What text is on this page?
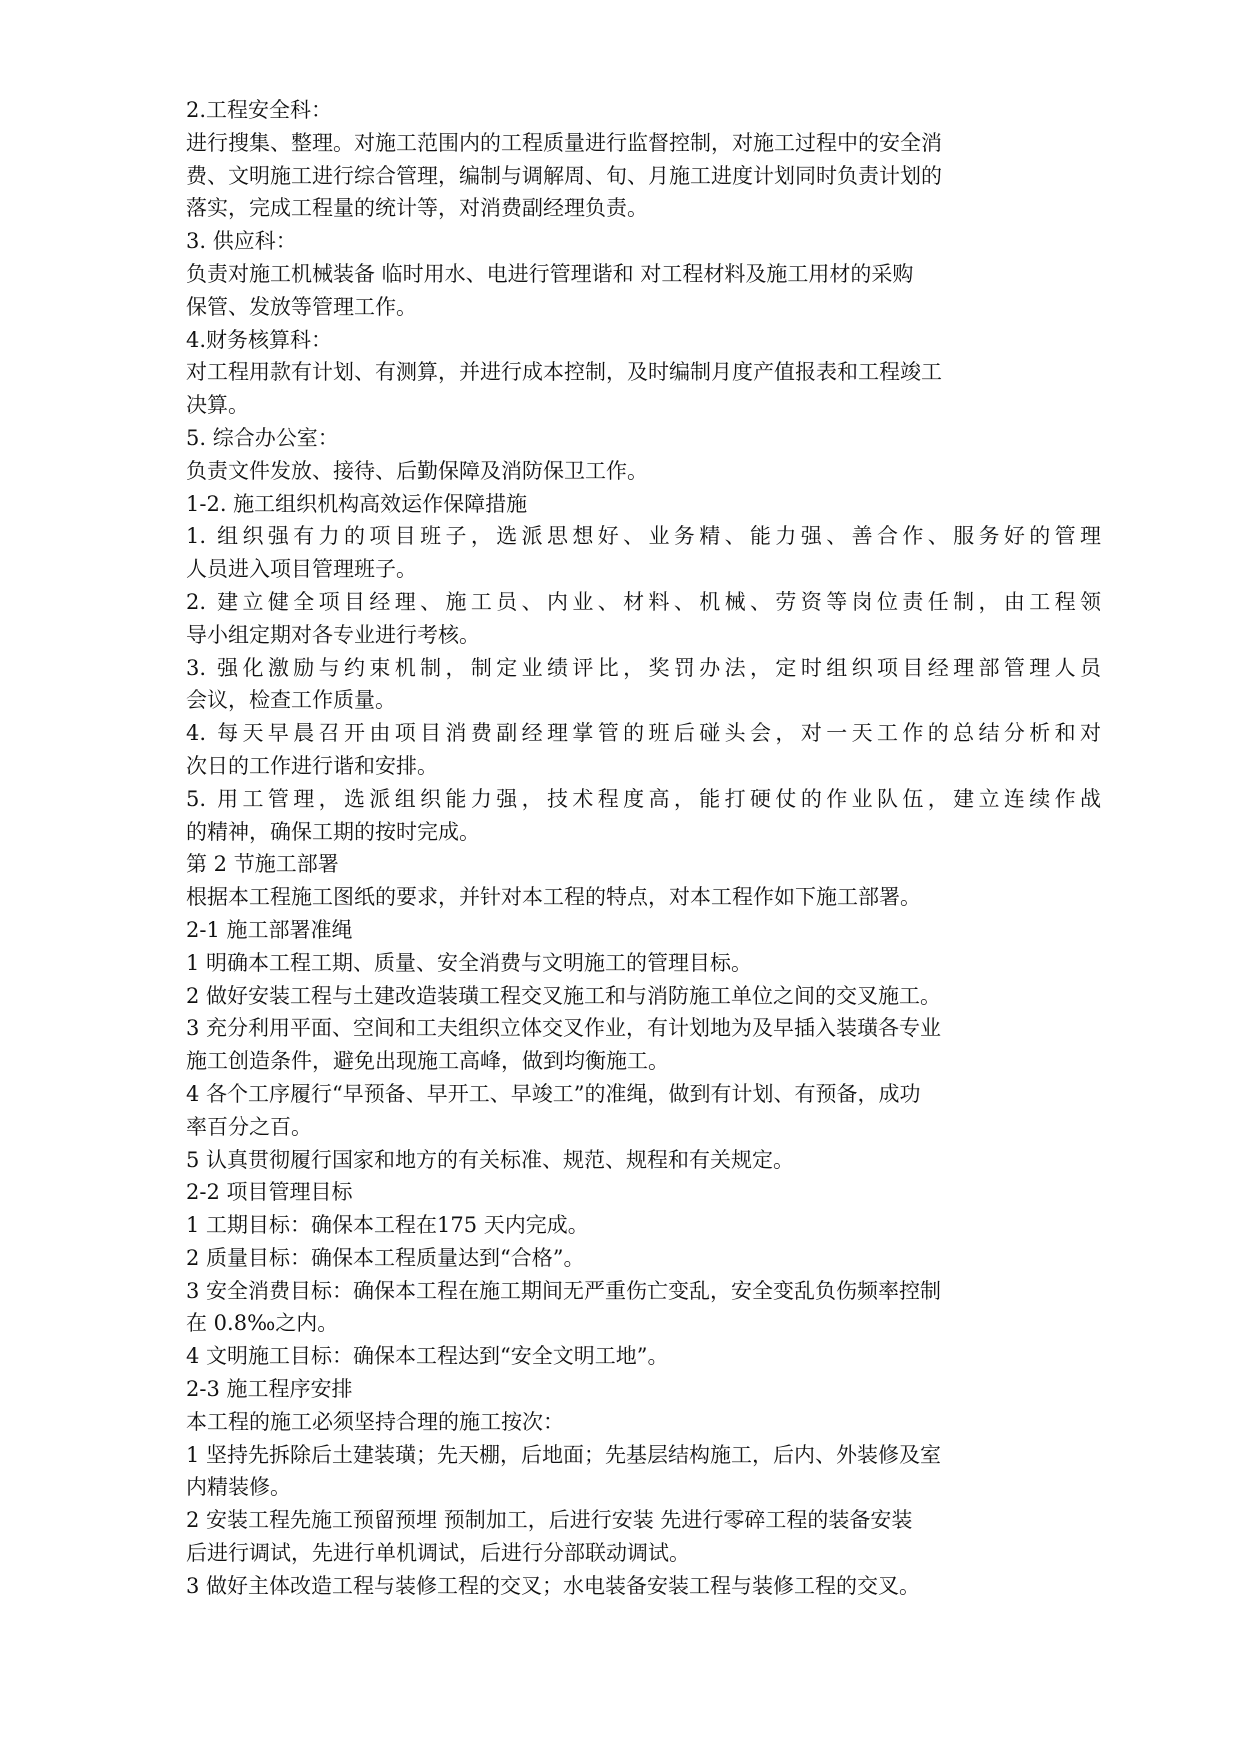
2.工程安全科：
进行搜集、整理。对施工范围内的工程质量进行监督控制，对施工过程中的安全消
费、文明施工进行综合管理，编制与调解周、旬、月施工进度计划同时负责计划的
落实，完成工程量的统计等，对消费副经理负责。
3. 供应科：
负责对施工机械装备 临时用水、电进行管理谐和 对工程材料及施工用材的采购
保管、发放等管理工作。
4.财务核算科：
对工程用款有计划、有测算，并进行成本控制，及时编制月度产值报表和工程竣工
决算。
5. 综合办公室：
负责文件发放、接待、后勤保障及消防保卫工作。
1-2. 施工组织机构高效运作保障措施
1. 组织强有力的项目班子，选派思想好、业务精、能力强、善合作、服务好的管理
人员进入项目管理班子。
2. 建立健全项目经理、施工员、内业、材料、机械、劳资等岗位责任制，由工程领
导小组定期对各专业进行考核。
3. 强化激励与约束机制，制定业绩评比，奖罚办法，定时组织项目经理部管理人员
会议，检查工作质量。
4. 每天早晨召开由项目消费副经理掌管的班后碰头会，对一天工作的总结分析和对
次日的工作进行谐和安排。
5. 用工管理，选派组织能力强，技术程度高，能打硬仗的作业队伍，建立连续作战
的精神，确保工期的按时完成。
第 2 节施工部署
根据本工程施工图纸的要求，并针对本工程的特点，对本工程作如下施工部署。
2-1 施工部署准绳
1 明确本工程工期、质量、安全消费与文明施工的管理目标。
2 做好安装工程与土建改造装璜工程交叉施工和与消防施工单位之间的交叉施工。
3 充分利用平面、空间和工夫组织立体交叉作业，有计划地为及早插入装璜各专业
施工创造条件，避免出现施工高峰，做到均衡施工。
4 各个工序履行“早预备、早开工、早竣工”的准绳，做到有计划、有预备，成功
率百分之百。
5 认真贯彻履行国家和地方的有关标准、规范、规程和有关规定。
2-2 项目管理目标
1 工期目标：确保本工程在175 天内完成。
2 质量目标：确保本工程质量达到“合格”。
3 安全消费目标：确保本工程在施工期间无严重伤亡变乱，安全变乱负伤频率控制
在 0.8‰之内。
4 文明施工目标：确保本工程达到“安全文明工地”。
2-3 施工程序安排
本工程的施工必须坚持合理的施工按次：
1 坚持先拆除后土建装璜；先天棚，后地面；先基层结构施工，后内、外装修及室
内精装修。
2 安装工程先施工预留预埋 预制加工，后进行安装 先进行零碎工程的装备安装
后进行调试，先进行单机调试，后进行分部联动调试。
3 做好主体改造工程与装修工程的交叉；水电装备安装工程与装修工程的交叉。
